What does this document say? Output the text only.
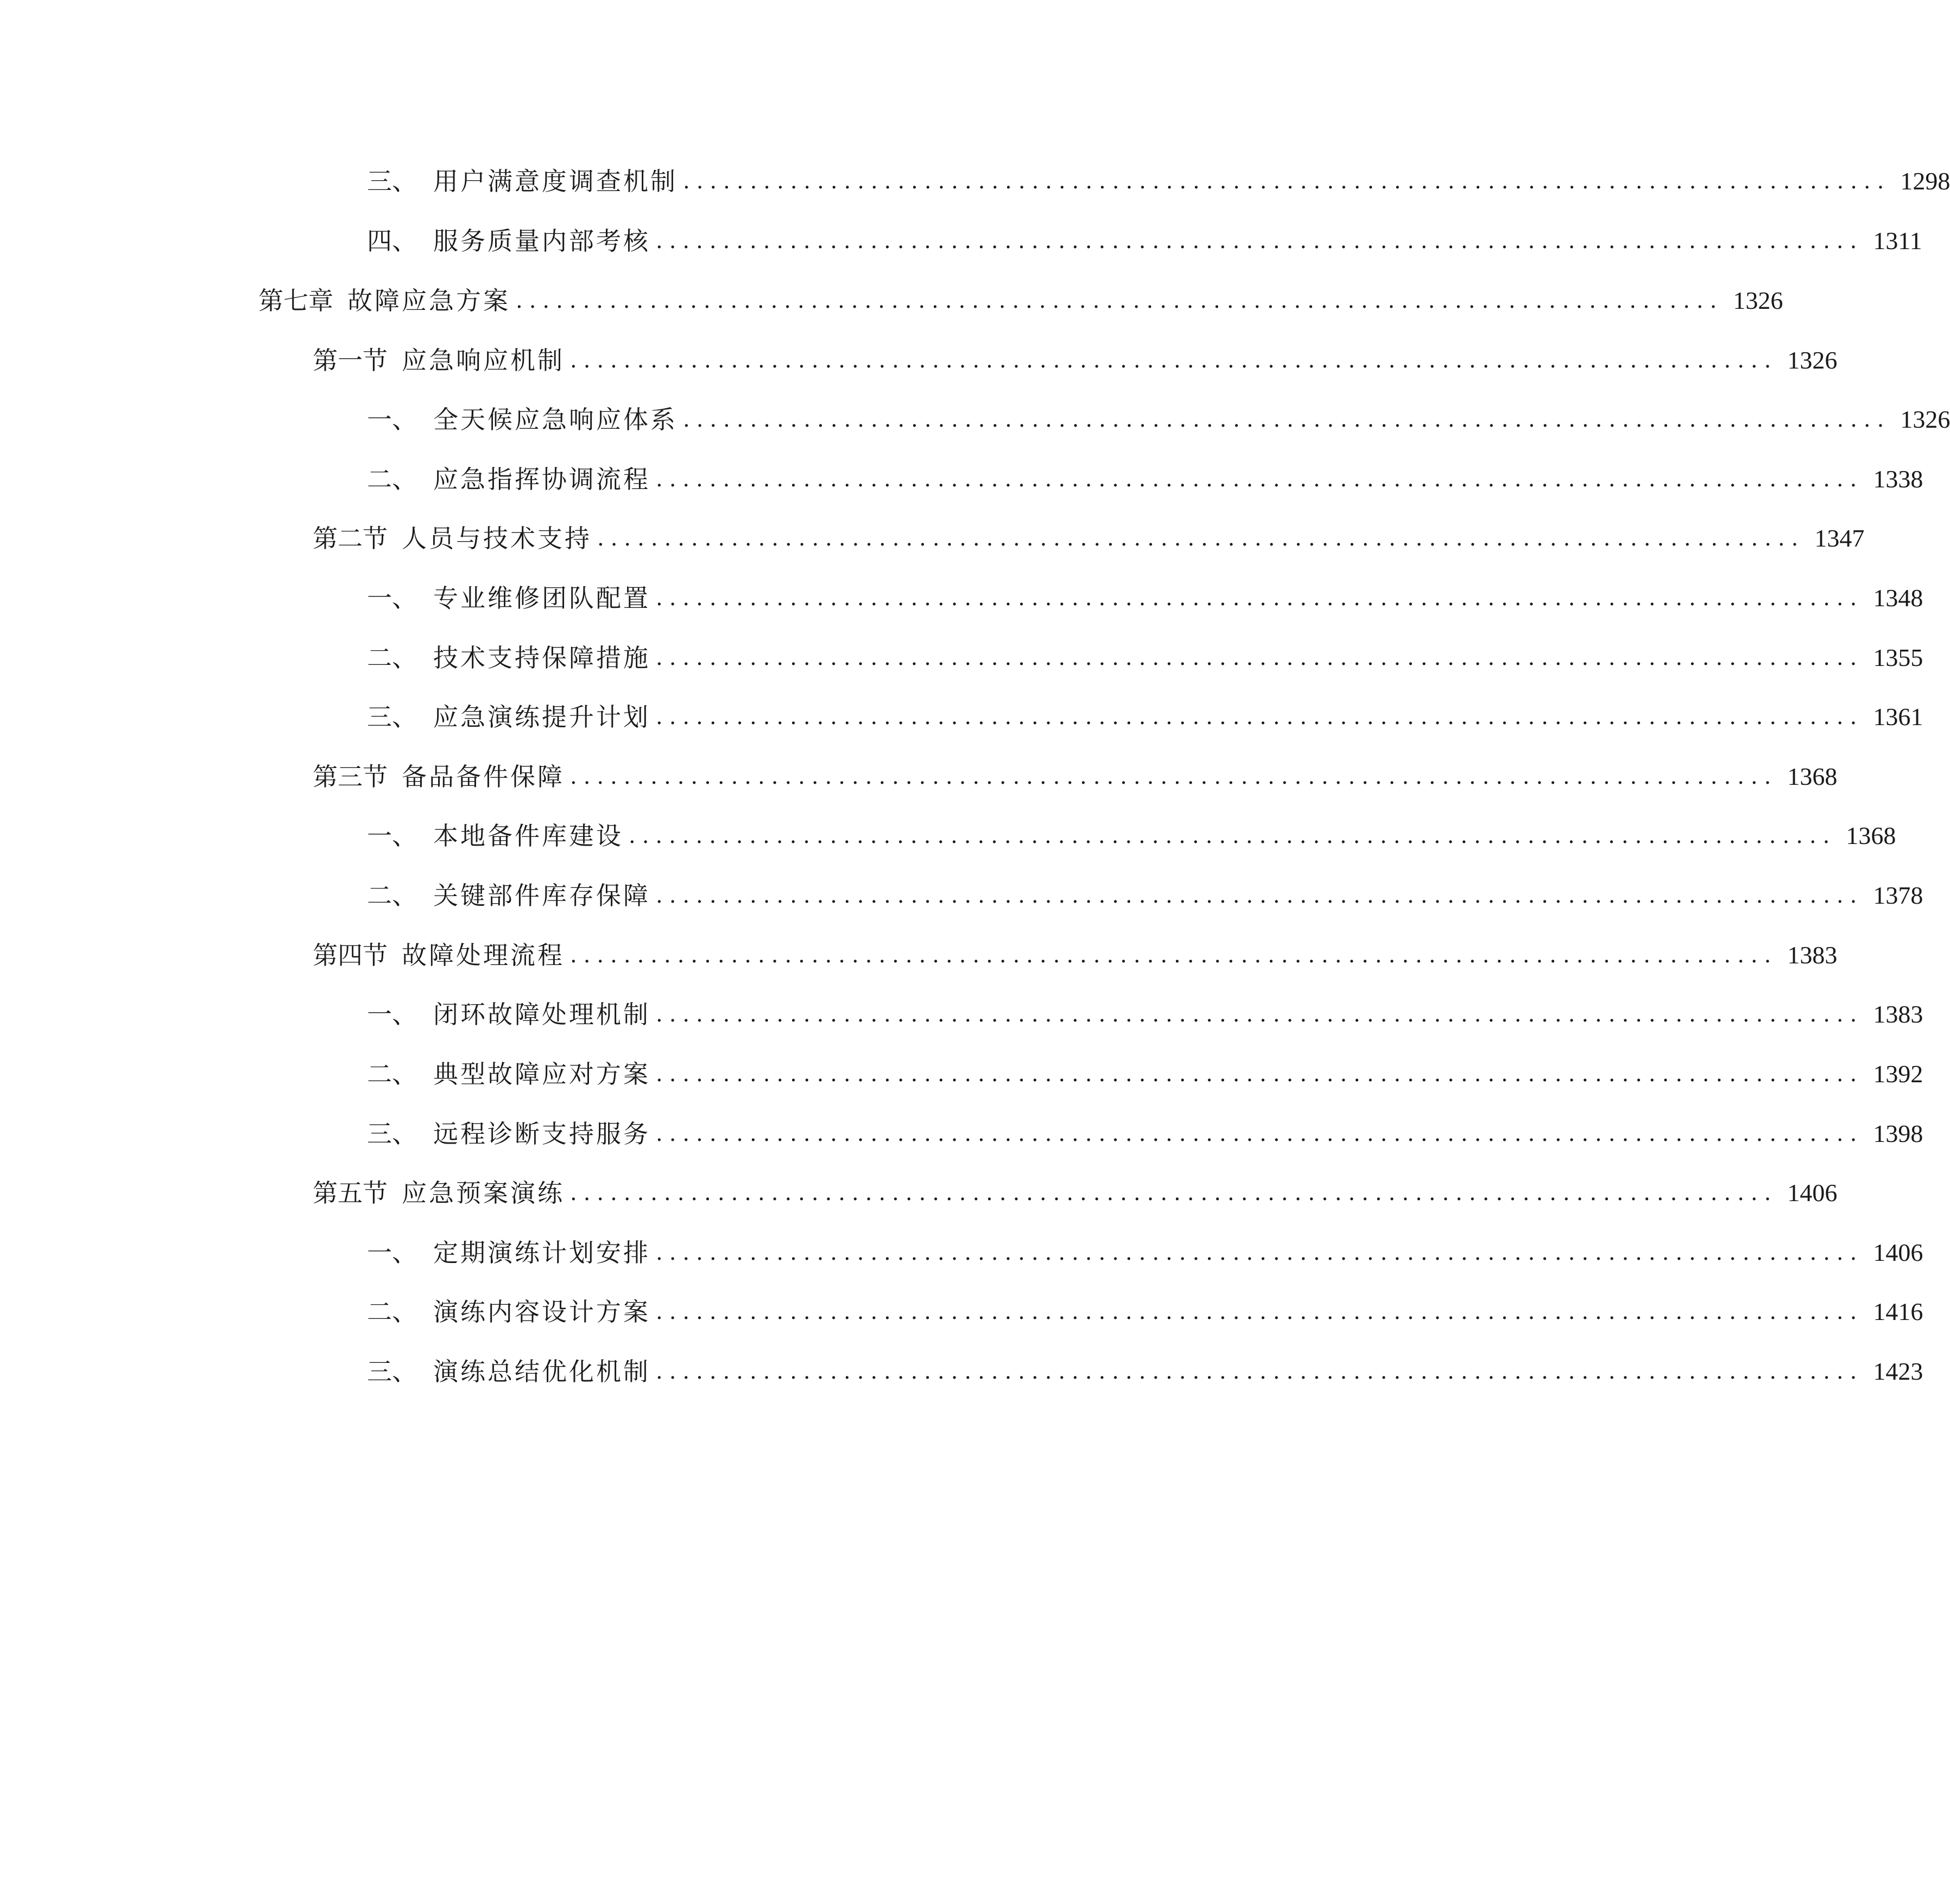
三、 用户满意度调查机制 .......................................................................................... 1298
四、 服务质量内部考核 .......................................................................................... 1311
第七章 故障应急方案 .......................................................................................... 1326
第一节 应急响应机制 .......................................................................................... 1326
一、 全天候应急响应体系 .......................................................................................... 1326
二、 应急指挥协调流程 .......................................................................................... 1338
第二节 人员与技术支持 .......................................................................................... 1347
一、 专业维修团队配置 .......................................................................................... 1348
二、 技术支持保障措施 .......................................................................................... 1355
三、 应急演练提升计划 .......................................................................................... 1361
第三节 备品备件保障 .......................................................................................... 1368
一、 本地备件库建设 .......................................................................................... 1368
二、 关键部件库存保障 .......................................................................................... 1378
第四节 故障处理流程 .......................................................................................... 1383
一、 闭环故障处理机制 .......................................................................................... 1383
二、 典型故障应对方案 .......................................................................................... 1392
三、 远程诊断支持服务 .......................................................................................... 1398
第五节 应急预案演练 .......................................................................................... 1406
一、 定期演练计划安排 .......................................................................................... 1406
二、 演练内容设计方案 .......................................................................................... 1416
三、 演练总结优化机制 .......................................................................................... 1423
